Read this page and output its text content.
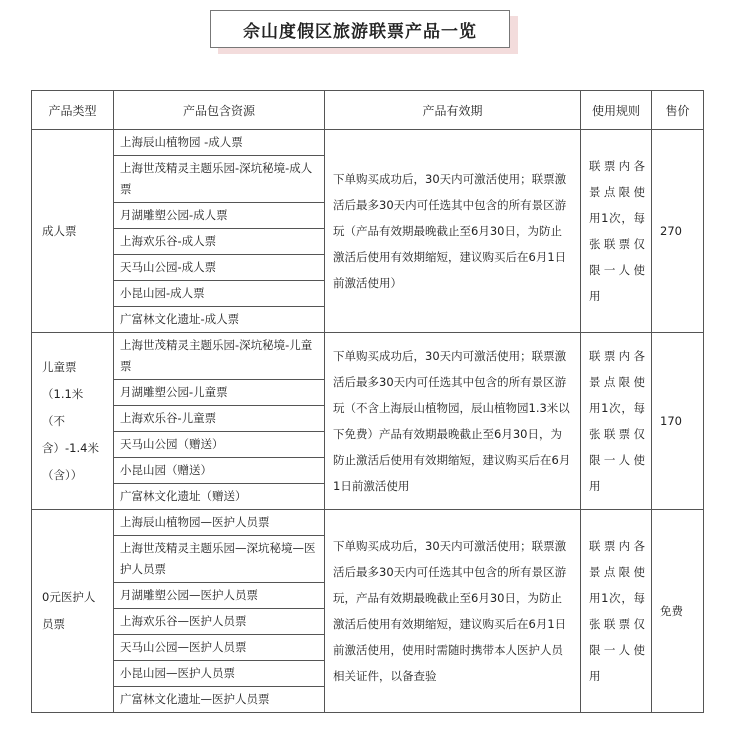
佘山度假区旅游联票产品一览
产品类型	产品包含资源	产品有效期	使用规则	售价
成人票	上海辰山植物园 -成人票	下单购买成功后，30天内可激活使用；联票激活后最多30天内可任选其中包含的所有景区游玩（产品有效期最晚截止至6月30日，为防止激活后使用有效期缩短，建议购买后在6月1日前激活使用）	联票内各景点限使用1次，每张联票仅限一人使用	270
	上海世茂精灵主题乐园-深坑秘境-成人票			
	月湖雕塑公园-成人票			
	上海欢乐谷-成人票			
	天马山公园-成人票			
	小昆山园-成人票			
	广富林文化遗址-成人票			
儿童票（1.1米（不含）-1.4米（含））	上海世茂精灵主题乐园-深坑秘境-儿童票	下单购买成功后，30天内可激活使用；联票激活后最多30天内可任选其中包含的所有景区游玩（不含上海辰山植物园，辰山植物园1.3米以下免费）产品有效期最晚截止至6月30日，为防止激活后使用有效期缩短，建议购买后在6月1日前激活使用	联票内各景点限使用1次，每张联票仅限一人使用	170
	月湖雕塑公园-儿童票			
	上海欢乐谷-儿童票			
	天马山公园（赠送）			
	小昆山园（赠送）			
	广富林文化遗址（赠送）			
0元医护人员票	上海辰山植物园—医护人员票	下单购买成功后，30天内可激活使用；联票激活后最多30天内可任选其中包含的所有景区游玩，产品有效期最晚截止至6月30日，为防止激活后使用有效期缩短，建议购买后在6月1日前激活使用，使用时需随时携带本人医护人员相关证件，以备查验	联票内各景点限使用1次，每张联票仅限一人使用	免费
	上海世茂精灵主题乐园—深坑秘境—医护人员票			
	月湖雕塑公园—医护人员票			
	上海欢乐谷—医护人员票			
	天马山公园—医护人员票			
	小昆山园—医护人员票			
	广富林文化遗址—医护人员票			
